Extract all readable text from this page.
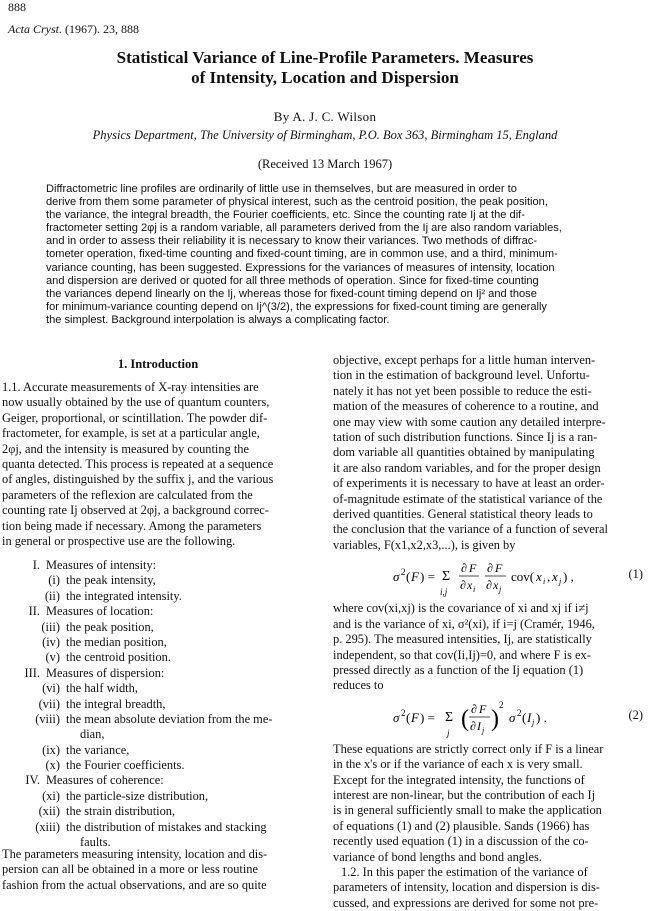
888
Acta Cryst. (1967). 23, 888
Statistical Variance of Line-Profile Parameters. Measures
of Intensity, Location and Dispersion
By A. J. C. Wilson
Physics Department, The University of Birmingham, P.O. Box 363, Birmingham 15, England
(Received 13 March 1967)
Diffractometric line profiles are ordinarily of little use in themselves, but are measured in order to
derive from them some parameter of physical interest, such as the centroid position, the peak position,
the variance, the integral breadth, the Fourier coefficients, etc. Since the counting rate Ij at the dif-
fractometer setting 2φj is a random variable, all parameters derived from the Ij are also random variables,
and in order to assess their reliability it is necessary to know their variances. Two methods of diffrac-
tometer operation, fixed-time counting and fixed-count timing, are in common use, and a third, minimum-
variance counting, has been suggested. Expressions for the variances of measures of intensity, location
and dispersion are derived or quoted for all three methods of operation. Since for fixed-time counting
the variances depend linearly on the Ij, whereas those for fixed-count timing depend on Ij² and those
for minimum-variance counting depend on Ij^(3/2), the expressions for fixed-count timing are generally
the simplest. Background interpolation is always a complicating factor.
1. Introduction
1.1. Accurate measurements of X-ray intensities are
now usually obtained by the use of quantum counters,
Geiger, proportional, or scintillation. The powder dif-
fractometer, for example, is set at a particular angle,
2φj, and the intensity is measured by counting the
quanta detected. This process is repeated at a sequence
of angles, distinguished by the suffix j, and the various
parameters of the reflexion are calculated from the
counting rate Ij observed at 2φj, a background correc-
tion being made if necessary. Among the parameters
in general or prospective use are the following.
I. Measures of intensity:
(i) the peak intensity,
(ii) the integrated intensity.
II. Measures of location:
(iii) the peak position,
(iv) the median position,
(v) the centroid position.
III. Measures of dispersion:
(vi) the half width,
(vii) the integral breadth,
(viii) the mean absolute deviation from the me-
dian,
(ix) the variance,
(x) the Fourier coefficients.
IV. Measures of coherence:
(xi) the particle-size distribution,
(xii) the strain distribution,
(xiii) the distribution of mistakes and stacking
faults.
The parameters measuring intensity, location and dis-
persion can all be obtained in a more or less routine
fashion from the actual observations, and are so quite
objective, except perhaps for a little human interven-
tion in the estimation of background level. Unfortu-
nately it has not yet been possible to reduce the esti-
mation of the measures of coherence to a routine, and
one may view with some caution any detailed interpre-
tation of such distribution functions. Since Ij is a ran-
dom variable all quantities obtained by manipulating
it are also random variables, and for the proper design
of experiments it is necessary to have at least an order-
of-magnitude estimate of the statistical variance of the
derived quantities. General statistical theory leads to
the conclusion that the variance of a function of several
variables, F(x1,x2,x3,...), is given by
σ 2 ( F ) = Σ
i,j
∂ F
∂ x i
∂ F
∂ x j
cov( x i , x j ) ,	(1)
where cov(xi,xj) is the covariance of xi and xj if i≠j
and is the variance of xi, σ²(xi), if i=j (Cramér, 1946,
p. 295). The measured intensities, Ij, are statistically
independent, so that cov(Ii,Ij)=0, and where F is ex-
pressed directly as a function of the Ij equation (1)
reduces to
σ 2 ( F ) = Σ
j
( ∂ F
∂ I j )
2
σ 2 ( I j ) .	(2)
These equations are strictly correct only if F is a linear
in the x's or if the variance of each x is very small.
Except for the integrated intensity, the functions of
interest are non-linear, but the contribution of each Ij
is in general sufficiently small to make the application
of equations (1) and (2) plausible. Sands (1966) has
recently used equation (1) in a discussion of the co-
variance of bond lengths and bond angles.
1.2. In this paper the estimation of the variance of
parameters of intensity, location and dispersion is dis-
cussed, and expressions are derived for some not pre-
